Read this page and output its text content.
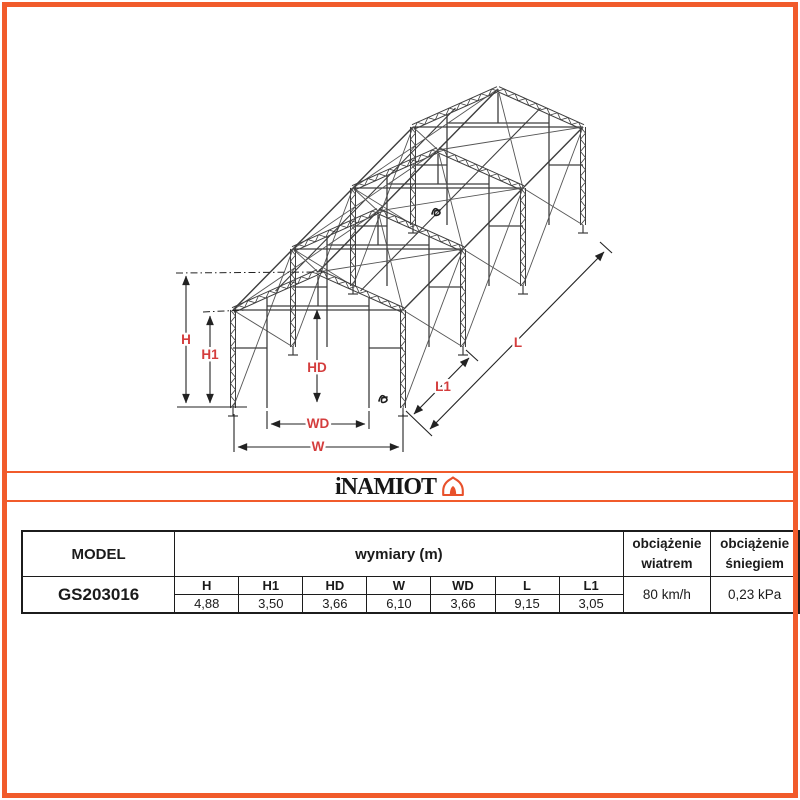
H
H1
HD
WD
W
L1
L
iNAMIOT
MODEL	wymiary (m)							obciążenie wiatrem	obciążenie śniegiem
GS203016	H	H1	HD	W	WD	L	L1	80 km/h	0,23 kPa
	4,88	3,50	3,66	6,10	3,66	9,15	3,05		
